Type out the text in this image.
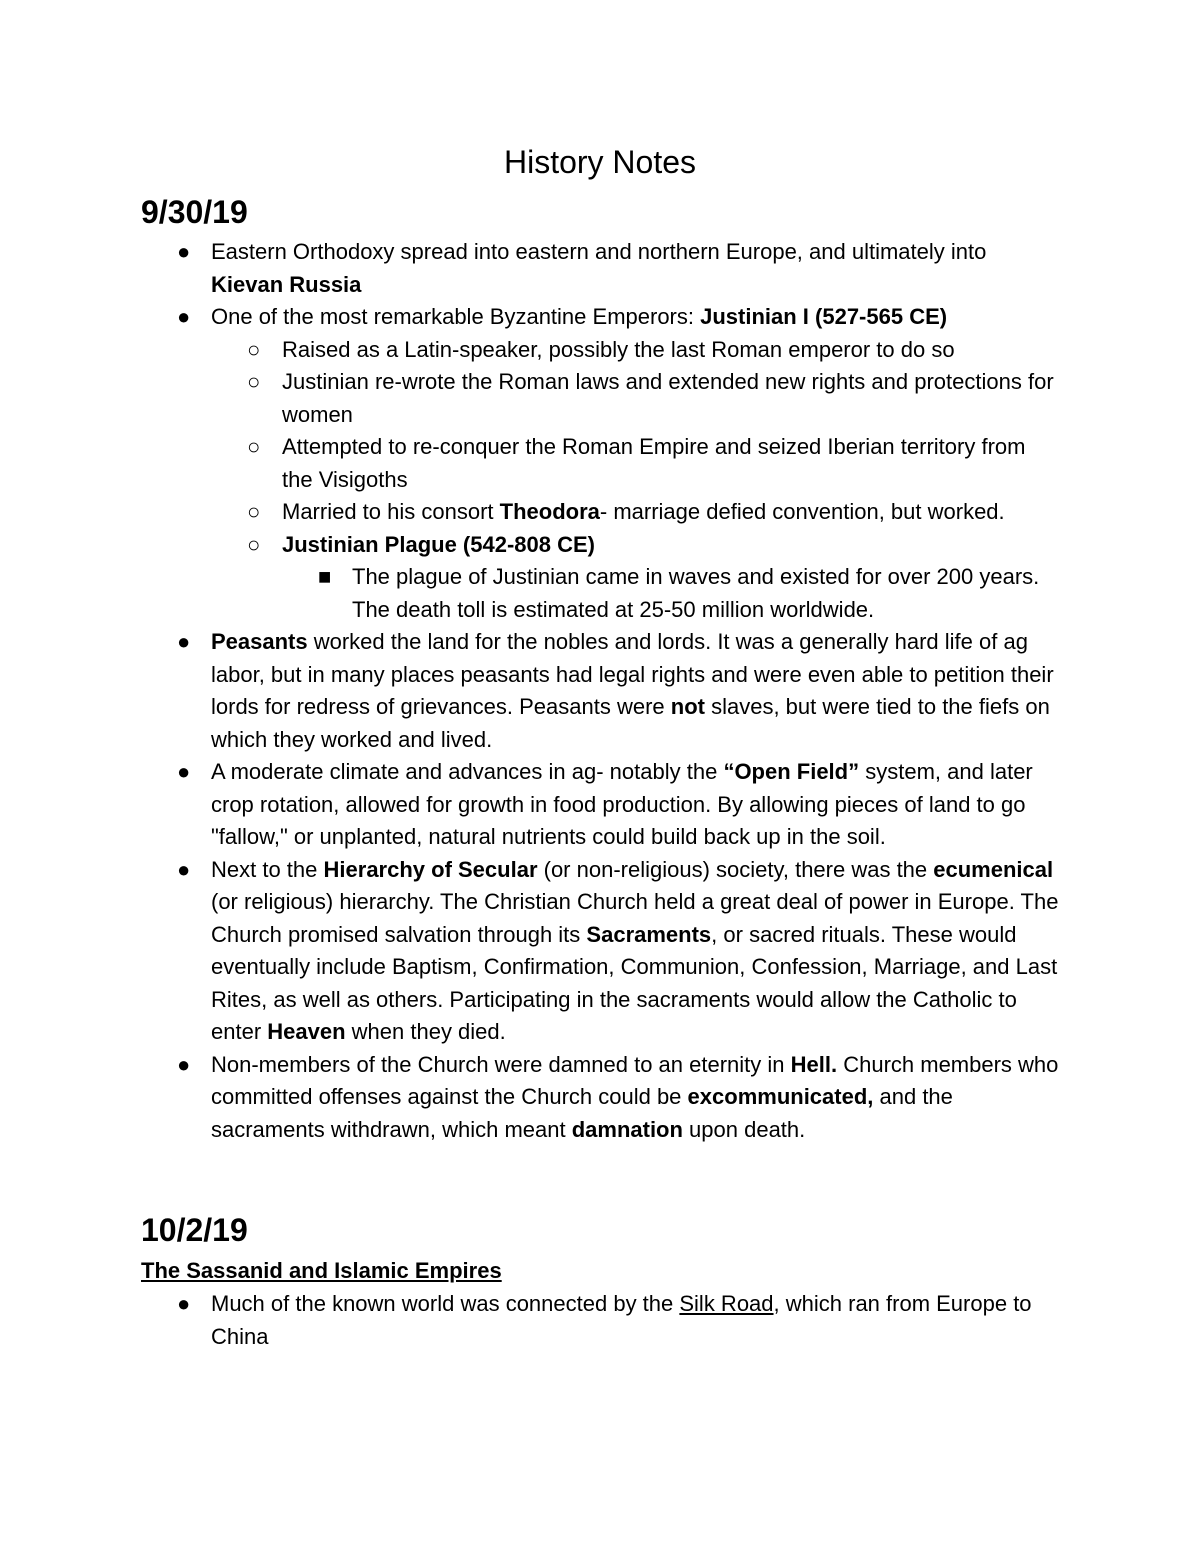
History Notes
9/30/19

● Eastern Orthodoxy spread into eastern and northern Europe, and ultimately into Kievan Russia

● One of the most remarkable Byzantine Emperors: Justinian I (527-565 CE)

○ Raised as a Latin-speaker, possibly the last Roman emperor to do so

○ Justinian re-wrote the Roman laws and extended new rights and protections for women

○ Attempted to re-conquer the Roman Empire and seized Iberian territory from the Visigoths

○ Married to his consort Theodora- marriage defied convention, but worked.

○ Justinian Plague (542-808 CE)

■ The plague of Justinian came in waves and existed for over 200 years. The death toll is estimated at 25-50 million worldwide.

● Peasants worked the land for the nobles and lords. It was a generally hard life of ag labor, but in many places peasants had legal rights and were even able to petition their lords for redress of grievances. Peasants were not slaves, but were tied to the fiefs on which they worked and lived.

● A moderate climate and advances in ag- notably the “Open Field” system, and later crop rotation, allowed for growth in food production. By allowing pieces of land to go "fallow," or unplanted, natural nutrients could build back up in the soil.

● Next to the Hierarchy of Secular (or non-religious) society, there was the ecumenical (or religious) hierarchy. The Christian Church held a great deal of power in Europe. The Church promised salvation through its Sacraments, or sacred rituals. These would eventually include Baptism, Confirmation, Communion, Confession, Marriage, and Last Rites, as well as others. Participating in the sacraments would allow the Catholic to enter Heaven when they died.

● Non-members of the Church were damned to an eternity in Hell. Church members who committed offenses against the Church could be excommunicated, and the sacraments withdrawn, which meant damnation upon death.

10/2/19
The Sassanid and Islamic Empires

● Much of the known world was connected by the Silk Road, which ran from Europe to China
